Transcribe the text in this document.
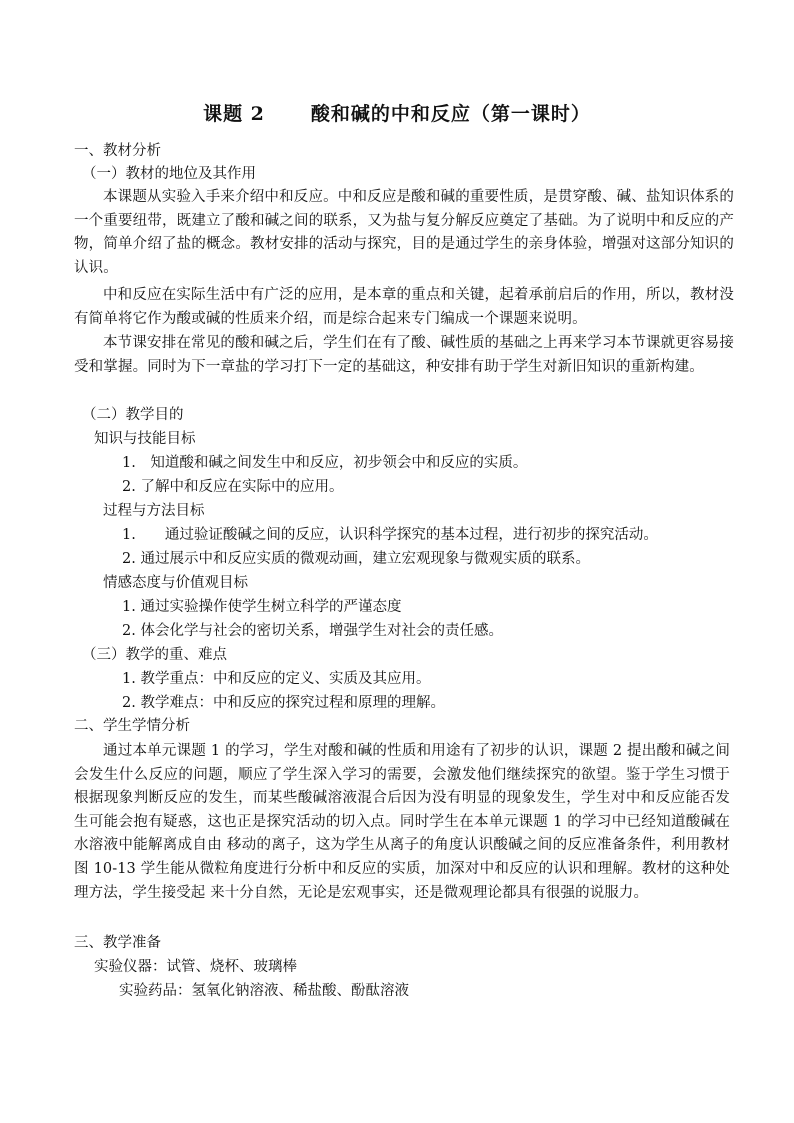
课题 2 酸和碱的中和反应（第一课时）
一、教材分析
（一）教材的地位及其作用
本课题从实验入手来介绍中和反应。中和反应是酸和碱的重要性质，是贯穿酸、碱、盐知识体系的一个重要纽带，既建立了酸和碱之间的联系，又为盐与复分解反应奠定了基础。为了说明中和反应的产物，简单介绍了盐的概念。教材安排的活动与探究，目的是通过学生的亲身体验，增强对这部分知识的认识。
中和反应在实际生活中有广泛的应用，是本章的重点和关键，起着承前启后的作用，所以，教材没有简单将它作为酸或碱的性质来介绍，而是综合起来专门编成一个课题来说明。
本节课安排在常见的酸和碱之后，学生们在有了酸、碱性质的基础之上再来学习本节课就更容易接受和掌握。同时为下一章盐的学习打下一定的基础这，种安排有助于学生对新旧知识的重新构建。
（二）教学目的
知识与技能目标
1.　知道酸和碱之间发生中和反应，初步领会中和反应的实质。
2. 了解中和反应在实际中的应用。
过程与方法目标
1.　　通过验证酸碱之间的反应，认识科学探究的基本过程，进行初步的探究活动。
2. 通过展示中和反应实质的微观动画，建立宏观现象与微观实质的联系。
情感态度与价值观目标
1. 通过实验操作使学生树立科学的严谨态度
2. 体会化学与社会的密切关系，增强学生对社会的责任感。
（三）教学的重、难点
1. 教学重点：中和反应的定义、实质及其应用。
2. 教学难点：中和反应的探究过程和原理的理解。
二、学生学情分析
通过本单元课题 1 的学习，学生对酸和碱的性质和用途有了初步的认识，课题 2 提出酸和碱之间会发生什么反应的问题，顺应了学生深入学习的需要，会激发他们继续探究的欲望。鉴于学生习惯于根据现象判断反应的发生，而某些酸碱溶液混合后因为没有明显的现象发生，学生对中和反应能否发生可能会抱有疑惑，这也正是探究活动的切入点。同时学生在本单元课题 1 的学习中已经知道酸碱在水溶液中能解离成自由 移动的离子，这为学生从离子的角度认识酸碱之间的反应准备条件，利用教材图 10-13 学生能从微粒角度进行分析中和反应的实质，加深对中和反应的认识和理解。教材的这种处理方法，学生接受起 来十分自然，无论是宏观事实，还是微观理论都具有很强的说服力。
三、教学准备
实验仪器：试管、烧杯、玻璃棒
实验药品：氢氧化钠溶液、稀盐酸、酚酞溶液
